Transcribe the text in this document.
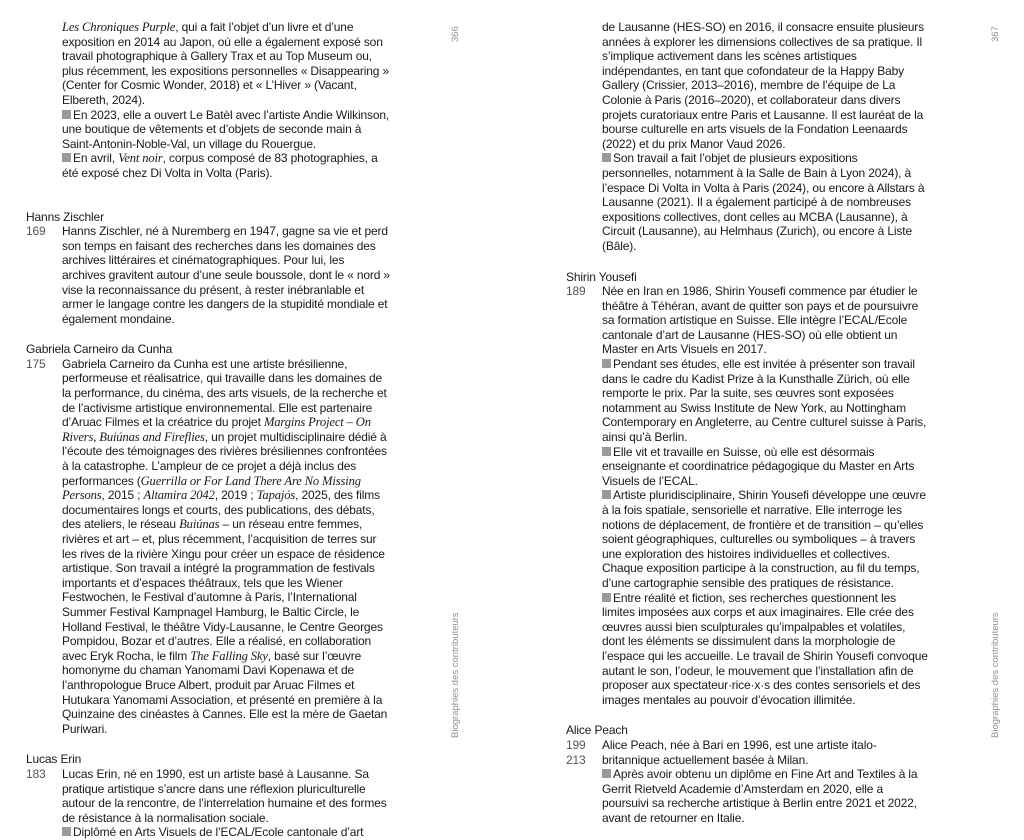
Les Chroniques Purple, qui a fait l’objet d’un livre et d’une exposition en 2014 au Japon, où elle a également exposé son travail photographique à Gallery Trax et au Top Museum ou, plus récemment, les expositions personnelles « Disappearing » (Center for Cosmic Wonder, 2018) et « L’Hiver » (Vacant, Elbereth, 2024).

En 2023, elle a ouvert Le Batèl avec l’artiste Andie Wilkinson, une boutique de vêtements et d’objets de seconde main à Saint-Antonin-Noble-Val, un village du Rouergue.

En avril, Vent noir, corpus composé de 83 photographies, a été exposé chez Di Volta in Volta (Paris).

Hanns Zischler

169	Hanns Zischler, né à Nuremberg en 1947, gagne sa vie et perd son temps en faisant des recherches dans les domaines des archives littéraires et cinématographiques. Pour lui, les archives gravitent autour d’une seule boussole, dont le « nord » vise la reconnaissance du présent, à rester inébranlable et armer le langage contre les dangers de la stupidité mondiale et également mondaine.

Gabriela Carneiro da Cunha

175	Gabriela Carneiro da Cunha est une artiste brésilienne, performeuse et réalisatrice, qui travaille dans les domaines de la performance, du cinéma, des arts visuels, de la recherche et de l’activisme artistique environnemental. Elle est partenaire d’Aruac Filmes et la créatrice du projet Margins Project – On Rivers, Buiúnas and Fireflies, un projet multidisciplinaire dédié à l’écoute des témoignages des rivières brésiliennes confrontées à la catastrophe. L’ampleur de ce projet a déjà inclus des performances (Guerrilla or For Land There Are No Missing Persons, 2015 ; Altamira 2042, 2019 ; Tapajós, 2025, des films documentaires longs et courts, des publications, des débats, des ateliers, le réseau Buiúnas – un réseau entre femmes, rivières et art – et, plus récemment, l’acquisition de terres sur les rives de la rivière Xingu pour créer un espace de résidence artistique. Son travail a intégré la programmation de festivals importants et d’espaces théâtraux, tels que les Wiener Festwochen, le Festival d’automne à Paris, l’International Summer Festival Kampnagel Hamburg, le Baltic Circle, le Holland Festival, le théâtre Vidy-Lausanne, le Centre Georges Pompidou, Bozar et d’autres. Elle a réalisé, en collaboration avec Eryk Rocha, le film The Falling Sky, basé sur l’œuvre homonyme du chaman Yanomami Davi Kopenawa et de l’anthropologue Bruce Albert, produit par Aruac Filmes et Hutukara Yanomami Association, et présenté en première à la Quinzaine des cinéastes à Cannes. Elle est la mère de Gaetan Puriwari.

Lucas Erin

183	Lucas Erin, né en 1990, est un artiste basé à Lausanne. Sa pratique artistique s’ancre dans une réflexion pluriculturelle autour de la rencontre, de l’interrelation humaine et des formes de résistance à la normalisation sociale.

Diplômé en Arts Visuels de l’ECAL/Ecole cantonale d’art

366
Biographies des contributeurs

de Lausanne (HES-SO) en 2016, il consacre ensuite plusieurs années à explorer les dimensions collectives de sa pratique. Il s’implique activement dans les scènes artistiques indépendantes, en tant que cofondateur de la Happy Baby Gallery (Crissier, 2013–2016), membre de l’équipe de La Colonie à Paris (2016–2020), et collaborateur dans divers projets curatoriaux entre Paris et Lausanne. Il est lauréat de la bourse culturelle en arts visuels de la Fondation Leenaards (2022) et du prix Manor Vaud 2026.

Son travail a fait l’objet de plusieurs expositions personnelles, notamment à la Salle de Bain à Lyon 2024), à l’espace Di Volta in Volta à Paris (2024), ou encore à Allstars à Lausanne (2021). Il a également participé à de nombreuses expositions collectives, dont celles au MCBA (Lausanne), à Circuit (Lausanne), au Helmhaus (Zurich), ou encore à Liste (Bâle).

Shirin Yousefi

189	Née en Iran en 1986, Shirin Yousefi commence par étudier le théâtre à Téhéran, avant de quitter son pays et de poursuivre sa formation artistique en Suisse. Elle intègre l’ECAL/Ecole cantonale d’art de Lausanne (HES-SO) où elle obtient un Master en Arts Visuels en 2017.

Pendant ses études, elle est invitée à présenter son travail dans le cadre du Kadist Prize à la Kunsthalle Zürich, où elle remporte le prix. Par la suite, ses œuvres sont exposées notamment au Swiss Institute de New York, au Nottingham Contemporary en Angleterre, au Centre culturel suisse à Paris, ainsi qu’à Berlin.

Elle vit et travaille en Suisse, où elle est désormais enseignante et coordinatrice pédagogique du Master en Arts Visuels de l’ECAL.

Artiste pluridisciplinaire, Shirin Yousefi développe une œuvre à la fois spatiale, sensorielle et narrative. Elle interroge les notions de déplacement, de frontière et de transition – qu’elles soient géographiques, culturelles ou symboliques – à travers une exploration des histoires individuelles et collectives. Chaque exposition participe à la construction, au fil du temps, d’une cartographie sensible des pratiques de résistance.

Entre réalité et fiction, ses recherches questionnent les limites imposées aux corps et aux imaginaires. Elle crée des œuvres aussi bien sculpturales qu’impalpables et volatiles, dont les éléments se dissimulent dans la morphologie de l’espace qui les accueille. Le travail de Shirin Yousefi convoque autant le son, l’odeur, le mouvement que l’installation afin de proposer aux spectateur·rice·x·s des contes sensoriels et des images mentales au pouvoir d’évocation illimitée.

Alice Peach

199
213

Alice Peach, née à Bari en 1996, est une artiste italo-britannique actuellement basée à Milan.

Après avoir obtenu un diplôme en Fine Art and Textiles à la Gerrit Rietveld Academie d’Amsterdam en 2020, elle a poursuivi sa recherche artistique à Berlin entre 2021 et 2022, avant de retourner en Italie.

367
Biographies des contributeurs
